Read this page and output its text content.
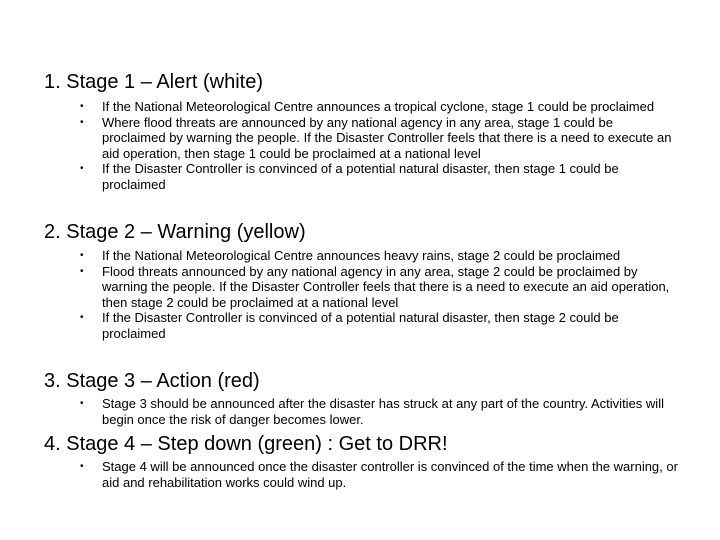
1. Stage 1 – Alert (white)
•	If the National Meteorological Centre announces a tropical cyclone, stage 1 could be proclaimed
•	Where flood threats are announced by any national agency in any area, stage 1 could be proclaimed by warning the people. If the Disaster Controller feels that there is a need to execute an aid operation, then stage 1 could be proclaimed at a national level
•	If the Disaster Controller is convinced of a potential natural disaster, then stage 1 could be proclaimed
2. Stage 2 – Warning (yellow)
•	If the National Meteorological Centre announces heavy rains, stage 2 could be proclaimed
•	Flood threats announced by any national agency in any area, stage 2 could be proclaimed by warning the people. If the Disaster Controller feels that there is a need to execute an aid operation, then stage 2 could be proclaimed at a national level
•	If the Disaster Controller is convinced of a potential natural disaster, then stage 2 could be proclaimed
3. Stage 3 – Action (red)
•	Stage 3 should be announced after the disaster has struck at any part of the country. Activities will begin once the risk of danger becomes lower.
4. Stage 4 – Step down (green) : Get to DRR!
•	Stage 4 will be announced once the disaster controller is convinced of the time when the warning, or aid and rehabilitation works could wind up.
